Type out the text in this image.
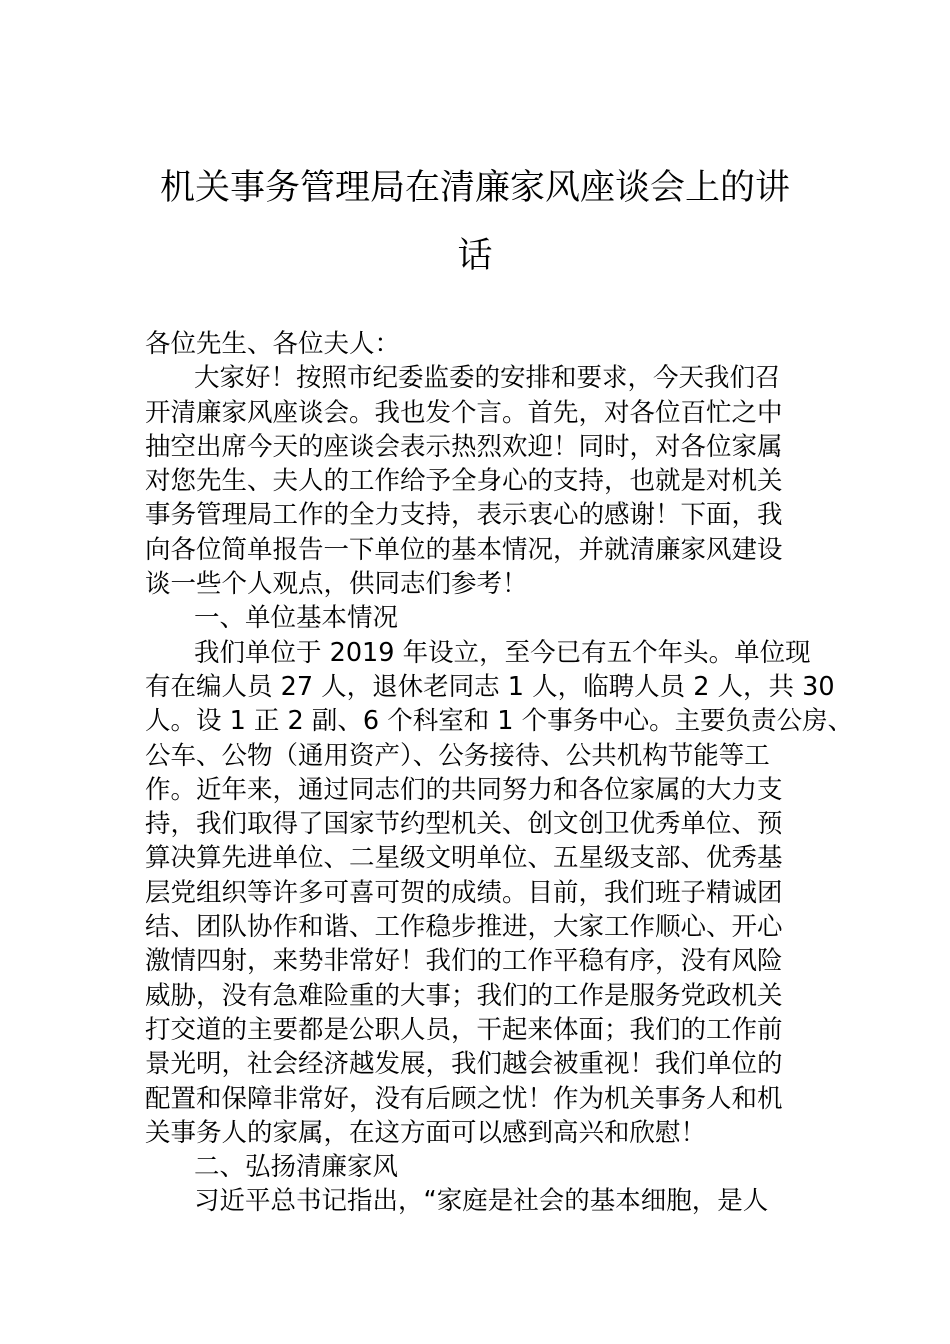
机关事务管理局在清廉家风座谈会上的讲
话
各位先生、各位夫人：
大家好！按照市纪委监委的安排和要求，今天我们召
开清廉家风座谈会。我也发个言。首先，对各位百忙之中
抽空出席今天的座谈会表示热烈欢迎！同时，对各位家属
对您先生、夫人的工作给予全身心的支持，也就是对机关
事务管理局工作的全力支持，表示衷心的感谢！下面，我
向各位简单报告一下单位的基本情况，并就清廉家风建设
谈一些个人观点，供同志们参考！
一、单位基本情况
我们单位于 2019 年设立，至今已有五个年头。单位现
有在编人员 27 人，退休老同志 1 人，临聘人员 2 人，共 30
人。设 1 正 2 副、6 个科室和 1 个事务中心。主要负责公房、
公车、公物（通用资产）、公务接待、公共机构节能等工
作。近年来，通过同志们的共同努力和各位家属的大力支
持，我们取得了国家节约型机关、创文创卫优秀单位、预
算决算先进单位、二星级文明单位、五星级支部、优秀基
层党组织等许多可喜可贺的成绩。目前，我们班子精诚团
结、团队协作和谐、工作稳步推进，大家工作顺心、开心
激情四射，来势非常好！我们的工作平稳有序，没有风险
威胁，没有急难险重的大事；我们的工作是服务党政机关
打交道的主要都是公职人员，干起来体面；我们的工作前
景光明，社会经济越发展，我们越会被重视！我们单位的
配置和保障非常好，没有后顾之忧！作为机关事务人和机
关事务人的家属，在这方面可以感到高兴和欣慰！
二、弘扬清廉家风
习近平总书记指出，“家庭是社会的基本细胞，是人
